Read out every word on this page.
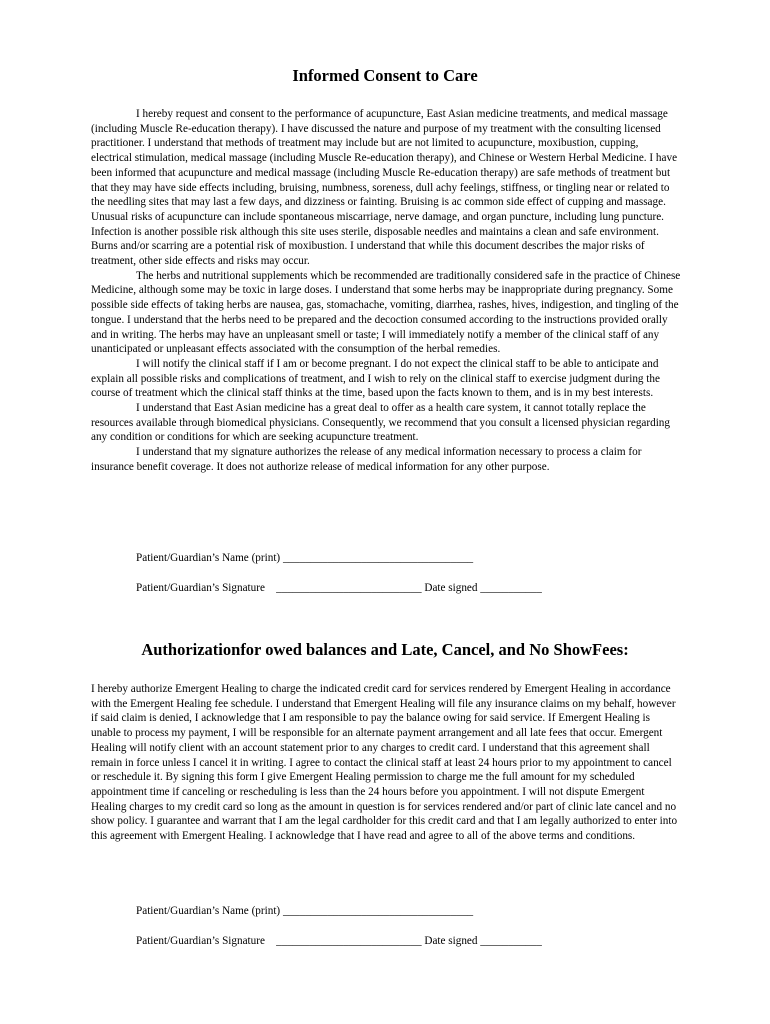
Informed Consent to Care

I hereby request and consent to the performance of acupuncture, East Asian medicine treatments, and medical massage (including Muscle Re-education therapy). I have discussed the nature and purpose of my treatment with the consulting licensed practitioner. I understand that methods of treatment may include but are not limited to acupuncture, moxibustion, cupping, electrical stimulation, medical massage (including Muscle Re-education therapy), and Chinese or Western Herbal Medicine. I have been informed that acupuncture and medical massage (including Muscle Re-education therapy) are safe methods of treatment but that they may have side effects including, bruising, numbness, soreness, dull achy feelings, stiffness, or tingling near or related to the needling sites that may last a few days, and dizziness or fainting. Bruising is ac common side effect of cupping and massage. Unusual risks of acupuncture can include spontaneous miscarriage, nerve damage, and organ puncture, including lung puncture. Infection is another possible risk although this site uses sterile, disposable needles and maintains a clean and safe environment. Burns and/or scarring are a potential risk of moxibustion. I understand that while this document describes the major risks of treatment, other side effects and risks may occur.

The herbs and nutritional supplements which be recommended are traditionally considered safe in the practice of Chinese Medicine, although some may be toxic in large doses. I understand that some herbs may be inappropriate during pregnancy. Some possible side effects of taking herbs are nausea, gas, stomachache, vomiting, diarrhea, rashes, hives, indigestion, and tingling of the tongue. I understand that the herbs need to be prepared and the decoction consumed according to the instructions provided orally and in writing. The herbs may have an unpleasant smell or taste; I will immediately notify a member of the clinical staff of any unanticipated or unpleasant effects associated with the consumption of the herbal remedies.

I will notify the clinical staff if I am or become pregnant. I do not expect the clinical staff to be able to anticipate and explain all possible risks and complications of treatment, and I wish to rely on the clinical staff to exercise judgment during the course of treatment which the clinical staff thinks at the time, based upon the facts known to them, and is in my best interests.

I understand that East Asian medicine has a great deal to offer as a health care system, it cannot totally replace the resources available through biomedical physicians. Consequently, we recommend that you consult a licensed physician regarding any condition or conditions for which are seeking acupuncture treatment.

I understand that my signature authorizes the release of any medical information necessary to process a claim for insurance benefit coverage. It does not authorize release of medical information for any other purpose.

Patient/Guardian’s Name (print) __________________________________

Patient/Guardian’s Signature    __________________________ Date signed ___________

Authorizationfor owed balances and Late, Cancel, and No ShowFees:

I hereby authorize Emergent Healing to charge the indicated credit card for services rendered by Emergent Healing in accordance with the Emergent Healing fee schedule. I understand that Emergent Healing will file any insurance claims on my behalf, however if said claim is denied, I acknowledge that I am responsible to pay the balance owing for said service. If Emergent Healing is unable to process my payment, I will be responsible for an alternate payment arrangement and all late fees that occur. Emergent Healing will notify client with an account statement prior to any charges to credit card. I understand that this agreement shall remain in force unless I cancel it in writing. I agree to contact the clinical staff at least 24 hours prior to my appointment to cancel or reschedule it. By signing this form I give Emergent Healing permission to charge me the full amount for my scheduled appointment time if canceling or rescheduling is less than the 24 hours before you appointment. I will not dispute Emergent Healing charges to my credit card so long as the amount in question is for services rendered and/or part of clinic late cancel and no show policy. I guarantee and warrant that I am the legal cardholder for this credit card and that I am legally authorized to enter into this agreement with Emergent Healing. I acknowledge that I have read and agree to all of the above terms and conditions.

Patient/Guardian’s Name (print) __________________________________

Patient/Guardian’s Signature    __________________________ Date signed ___________
